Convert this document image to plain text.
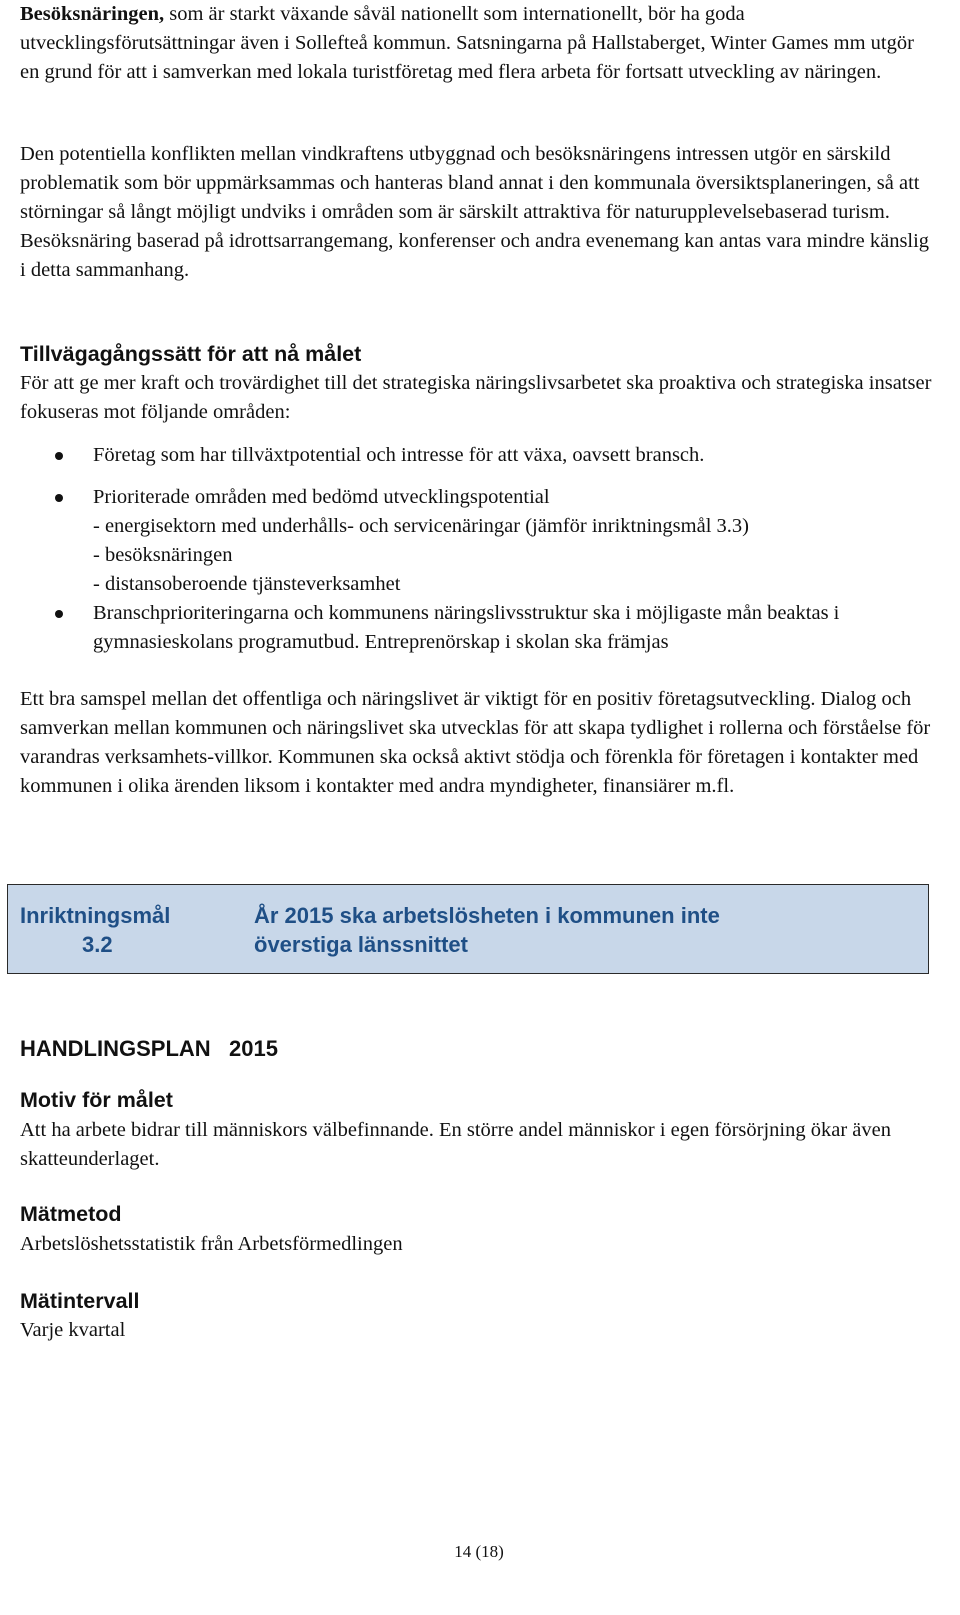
Besöksnäringen, som är starkt växande såväl nationellt som internationellt, bör ha goda utvecklingsförutsättningar även i Sollefteå kommun. Satsningarna på Hallstaberget, Winter Games mm utgör en grund för att i samverkan med lokala turistföretag med flera arbeta för fortsatt utveckling av näringen.

Den potentiella konflikten mellan vindkraftens utbyggnad och besöksnäringens intressen utgör en särskild problematik som bör uppmärksammas och hanteras bland annat i den kommunala översiktsplaneringen, så att störningar så långt möjligt undviks i områden som är särskilt attraktiva för naturupplevelsebaserad turism. Besöksnäring baserad på idrottsarrangemang, konferenser och andra evenemang kan antas vara mindre känslig i detta sammanhang.

Tillvägagångssätt för att nå målet

För att ge mer kraft och trovärdighet till det strategiska näringslivsarbetet ska proaktiva och strategiska insatser fokuseras mot följande områden:

Företag som har tillväxtpotential och intresse för att växa, oavsett bransch.
Prioriterade områden med bedömd utvecklingspotential
- energisektorn med underhålls- och servicenäringar (jämför inriktningsmål 3.3)
- besöksnäringen
- distansoberoende tjänsteverksamhet
Branschprioriteringarna och kommunens näringslivsstruktur ska i möjligaste mån beaktas i gymnasieskolans programutbud. Entreprenörskap i skolan ska främjas

Ett bra samspel mellan det offentliga och näringslivet är viktigt för en positiv företagsutveckling. Dialog och samverkan mellan kommunen och näringslivet ska utvecklas för att skapa tydlighet i rollerna och förståelse för varandras verksamhets-villkor. Kommunen ska också aktivt stödja och förenkla för företagen i kontakter med kommunen i olika ärenden liksom i kontakter med andra myndigheter, finansiärer m.fl.

Inriktningsmål
3.2
År 2015 ska arbetslösheten i kommunen inte
överstiga länssnittet
HANDLINGSPLAN   2015
Motiv för målet

Att ha arbete bidrar till människors välbefinnande. En större andel människor i egen försörjning ökar även skatteunderlaget.

Mätmetod

Arbetslöshetsstatistik från Arbetsförmedlingen

Mätintervall

Varje kvartal

14 (18)
